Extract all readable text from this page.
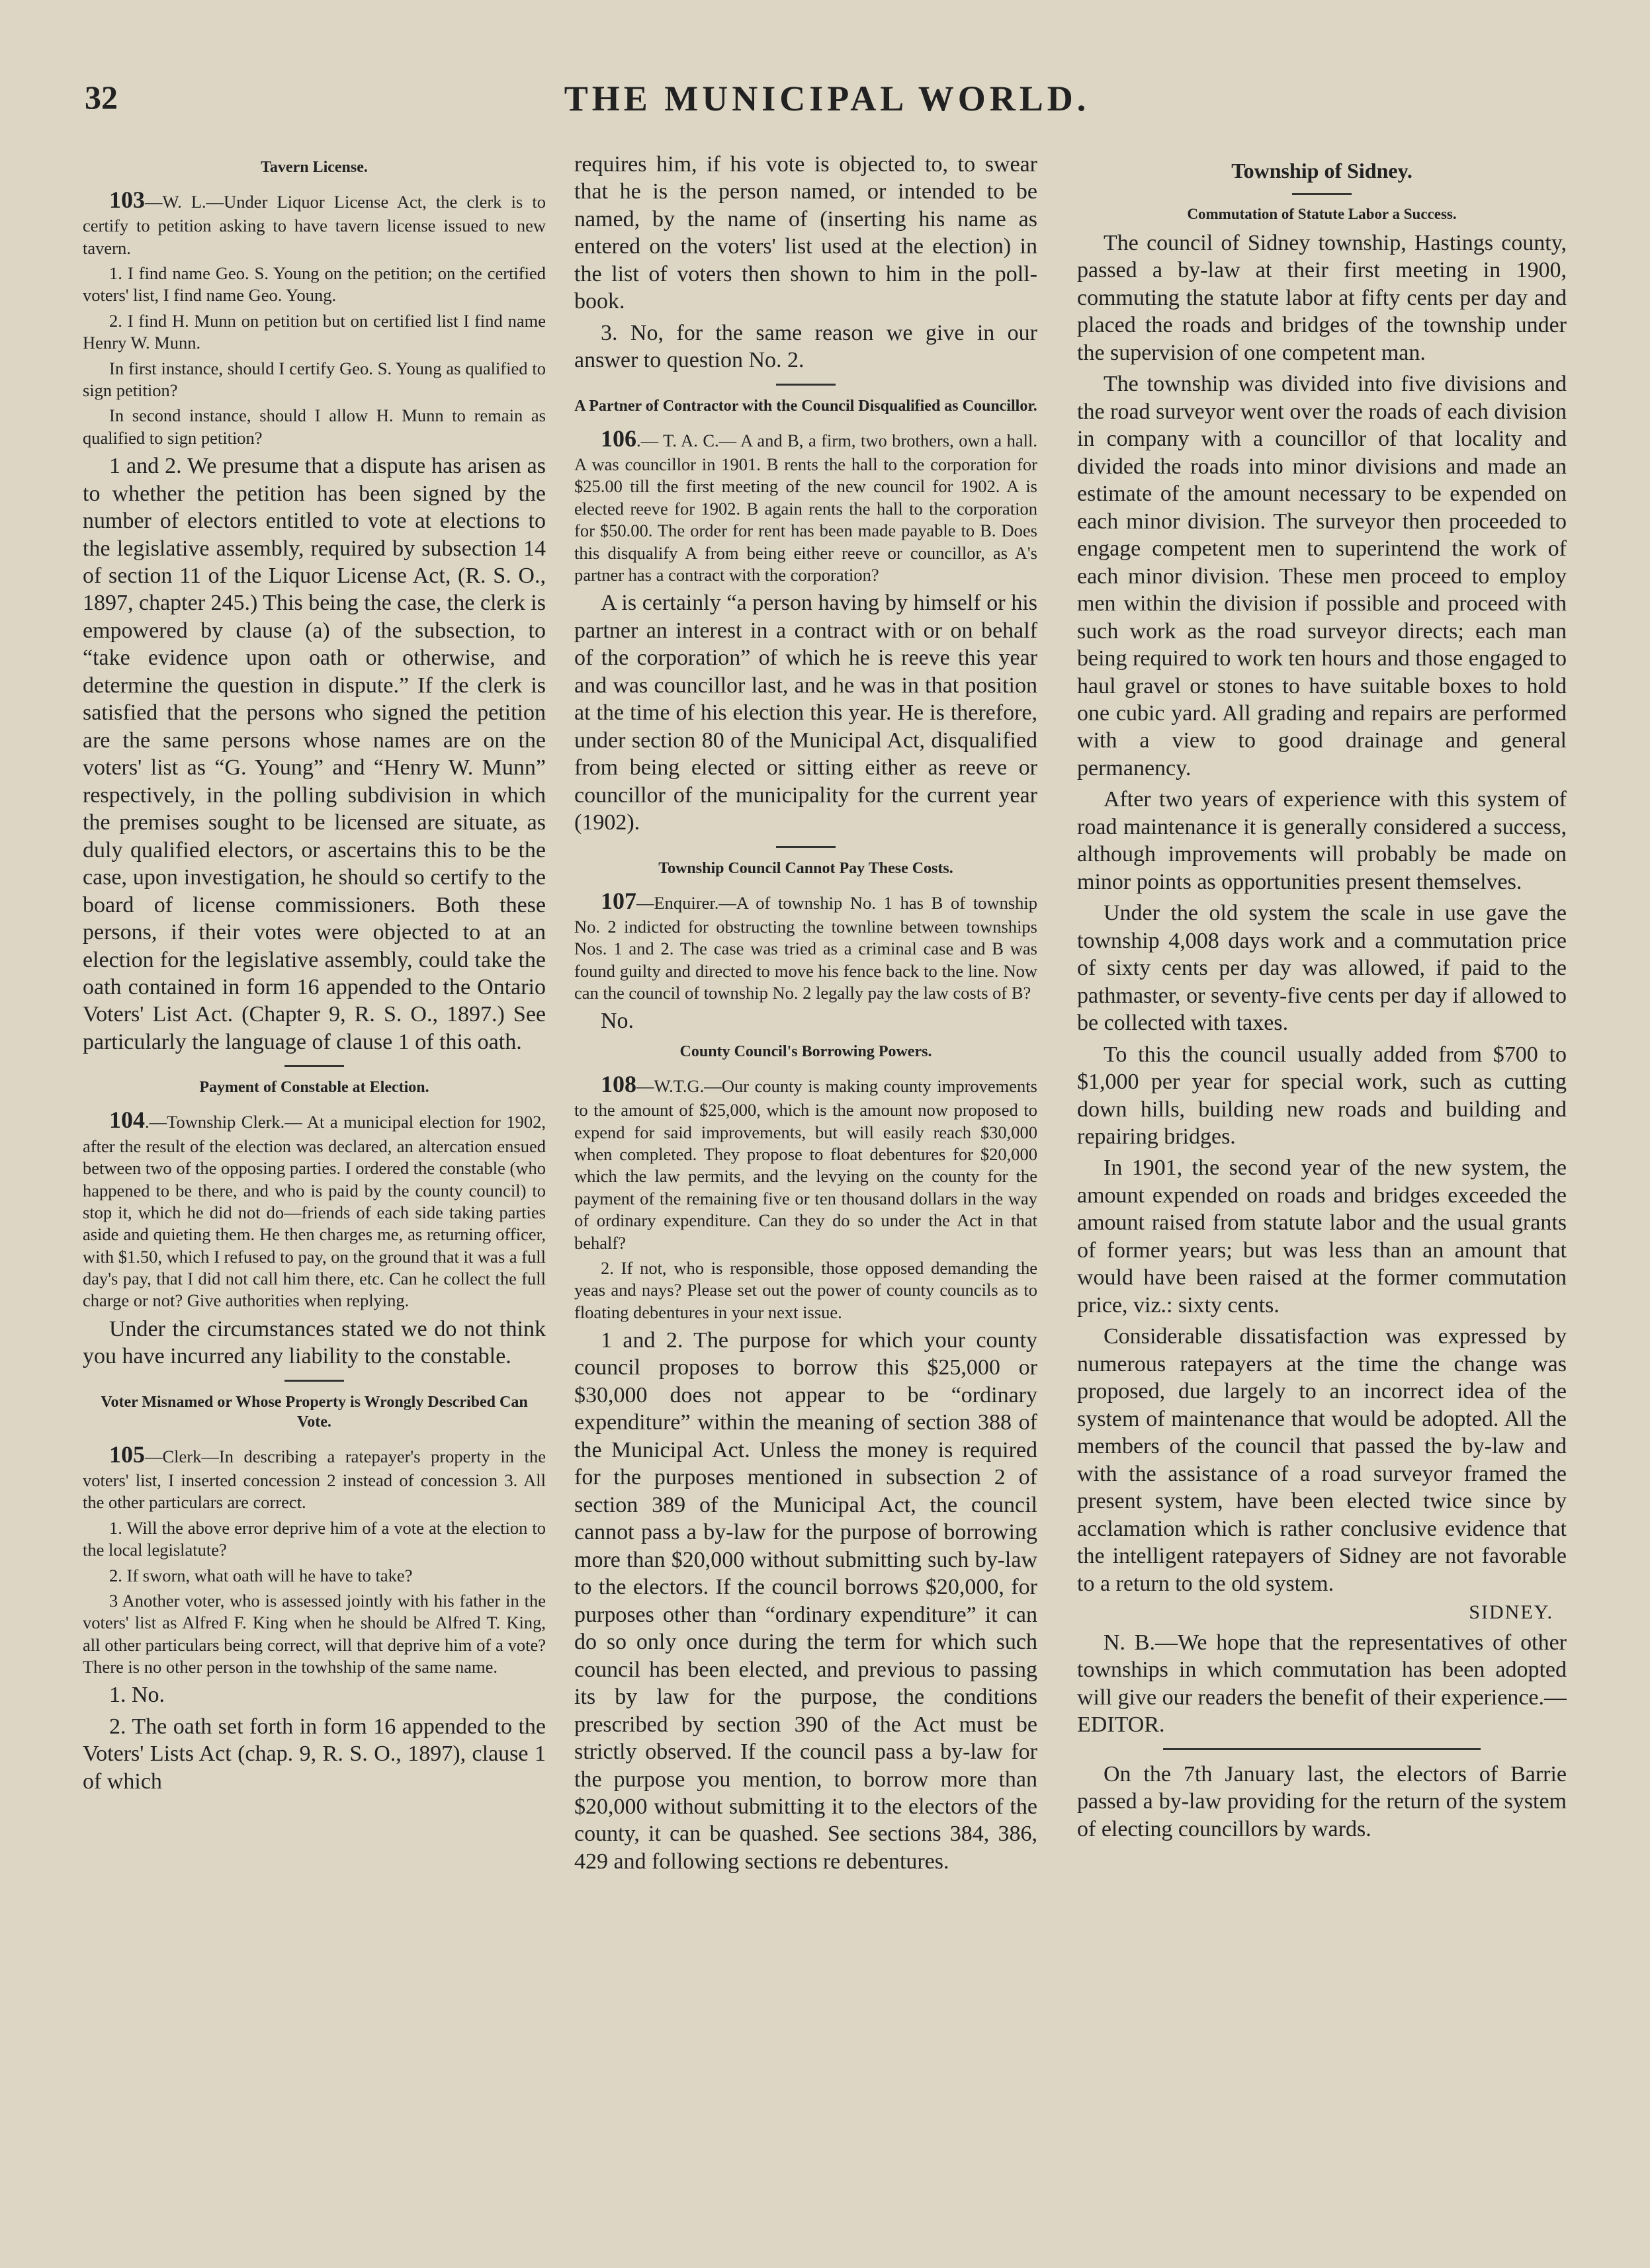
32	THE MUNICIPAL WORLD.
Tavern License.

103—W. L.—Under Liquor License Act, the clerk is to certify to petition asking to have tavern license issued to new tavern.

1. I find name Geo. S. Young on the petition; on the certified voters' list, I find name Geo. Young.

2. I find H. Munn on petition but on certified list I find name Henry W. Munn.

In first instance, should I certify Geo. S. Young as qualified to sign petition?

In second instance, should I allow H. Munn to remain as qualified to sign petition?

1 and 2. We presume that a dispute has arisen as to whether the petition has been signed by the number of electors entitled to vote at elections to the legislative assembly, required by subsection 14 of section 11 of the Liquor License Act, (R. S. O., 1897, chapter 245.) This being the case, the clerk is empowered by clause (a) of the subsection, to “take evidence upon oath or otherwise, and determine the question in dispute.” If the clerk is satisfied that the persons who signed the petition are the same persons whose names are on the voters' list as “G. Young” and “Henry W. Munn” respectively, in the polling subdivision in which the premises sought to be licensed are situate, as duly qualified electors, or ascertains this to be the case, upon investigation, he should so certify to the board of license commissioners. Both these persons, if their votes were objected to at an election for the legislative assembly, could take the oath contained in form 16 appended to the Ontario Voters' List Act. (Chapter 9, R. S. O., 1897.) See particularly the language of clause 1 of this oath.

Payment of Constable at Election.

104.—Township Clerk.— At a municipal election for 1902, after the result of the election was declared, an altercation ensued between two of the opposing parties. I ordered the constable (who happened to be there, and who is paid by the county council) to stop it, which he did not do—friends of each side taking parties aside and quieting them. He then charges me, as returning officer, with $1.50, which I refused to pay, on the ground that it was a full day's pay, that I did not call him there, etc. Can he collect the full charge or not? Give authorities when replying.

Under the circumstances stated we do not think you have incurred any liability to the constable.

Voter Misnamed or Whose Property is Wrongly Described Can Vote.

105—Clerk—In describing a ratepayer's property in the voters' list, I inserted concession 2 instead of concession 3. All the other particulars are correct.

1. Will the above error deprive him of a vote at the election to the local legislatute?

2. If sworn, what oath will he have to take?

3 Another voter, who is assessed jointly with his father in the voters' list as Alfred F. King when he should be Alfred T. King, all other particulars being correct, will that deprive him of a vote? There is no other person in the towhship of the same name.

1. No.

2. The oath set forth in form 16 appended to the Voters' Lists Act (chap. 9, R. S. O., 1897), clause 1 of which

requires him, if his vote is objected to, to swear that he is the person named, or intended to be named, by the name of (inserting his name as entered on the voters' list used at the election) in the list of voters then shown to him in the poll-book.

3. No, for the same reason we give in our answer to question No. 2.

A Partner of Contractor with the Council Disqualified as Councillor.

106.— T. A. C.— A and B, a firm, two brothers, own a hall. A was councillor in 1901. B rents the hall to the corporation for $25.00 till the first meeting of the new council for 1902. A is elected reeve for 1902. B again rents the hall to the corporation for $50.00. The order for rent has been made payable to B. Does this disqualify A from being either reeve or councillor, as A's partner has a contract with the corporation?

A is certainly “a person having by himself or his partner an interest in a contract with or on behalf of the corporation” of which he is reeve this year and was councillor last, and he was in that position at the time of his election this year. He is therefore, under section 80 of the Municipal Act, disqualified from being elected or sitting either as reeve or councillor of the municipality for the current year (1902).

Township Council Cannot Pay These Costs.

107—Enquirer.—A of township No. 1 has B of township No. 2 indicted for obstructing the townline between townships Nos. 1 and 2. The case was tried as a criminal case and B was found guilty and directed to move his fence back to the line. Now can the council of township No. 2 legally pay the law costs of B?

No.

County Council's Borrowing Powers.

108—W.T.G.—Our county is making county improvements to the amount of $25,000, which is the amount now proposed to expend for said improvements, but will easily reach $30,000 when completed. They propose to float debentures for $20,000 which the law permits, and the levying on the county for the payment of the remaining five or ten thousand dollars in the way of ordinary expenditure. Can they do so under the Act in that behalf?

2. If not, who is responsible, those opposed demanding the yeas and nays? Please set out the power of county councils as to floating debentures in your next issue.

1 and 2. The purpose for which your county council proposes to borrow this $25,000 or $30,000 does not appear to be “ordinary expenditure” within the meaning of section 388 of the Municipal Act. Unless the money is required for the purposes mentioned in subsection 2 of section 389 of the Municipal Act, the council cannot pass a by-law for the purpose of borrowing more than $20,000 without submitting such by-law to the electors. If the council borrows $20,000, for purposes other than “ordinary expenditure” it can do so only once during the term for which such council has been elected, and previous to passing its by law for the purpose, the conditions prescribed by section 390 of the Act must be strictly observed. If the council pass a by-law for the purpose you mention, to borrow more than $20,000 without submitting it to the electors of the county, it can be quashed. See sections 384, 386, 429 and following sections re debentures.

Township of Sidney.
Commutation of Statute Labor a Success.

The council of Sidney township, Hastings county, passed a by-law at their first meeting in 1900, commuting the statute labor at fifty cents per day and placed the roads and bridges of the township under the supervision of one competent man.

The township was divided into five divisions and the road surveyor went over the roads of each division in company with a councillor of that locality and divided the roads into minor divisions and made an estimate of the amount necessary to be expended on each minor division. The surveyor then proceeded to engage competent men to superintend the work of each minor division. These men proceed to employ men within the division if possible and proceed with such work as the road surveyor directs; each man being required to work ten hours and those engaged to haul gravel or stones to have suitable boxes to hold one cubic yard. All grading and repairs are performed with a view to good drainage and general permanency.

After two years of experience with this system of road maintenance it is generally considered a success, although improvements will probably be made on minor points as opportunities present themselves.

Under the old system the scale in use gave the township 4,008 days work and a commutation price of sixty cents per day was allowed, if paid to the pathmaster, or seventy-five cents per day if allowed to be collected with taxes.

To this the council usually added from $700 to $1,000 per year for special work, such as cutting down hills, building new roads and building and repairing bridges.

In 1901, the second year of the new system, the amount expended on roads and bridges exceeded the amount raised from statute labor and the usual grants of former years; but was less than an amount that would have been raised at the former commutation price, viz.: sixty cents.

Considerable dissatisfaction was expressed by numerous ratepayers at the time the change was proposed, due largely to an incorrect idea of the system of maintenance that would be adopted. All the members of the council that passed the by-law and with the assistance of a road surveyor framed the present system, have been elected twice since by acclamation which is rather conclusive evidence that the intelligent ratepayers of Sidney are not favorable to a return to the old system.

SIDNEY.

N. B.—We hope that the representatives of other townships in which commutation has been adopted will give our readers the benefit of their experience.—EDITOR.

On the 7th January last, the electors of Barrie passed a by-law providing for the return of the system of electing councillors by wards.
